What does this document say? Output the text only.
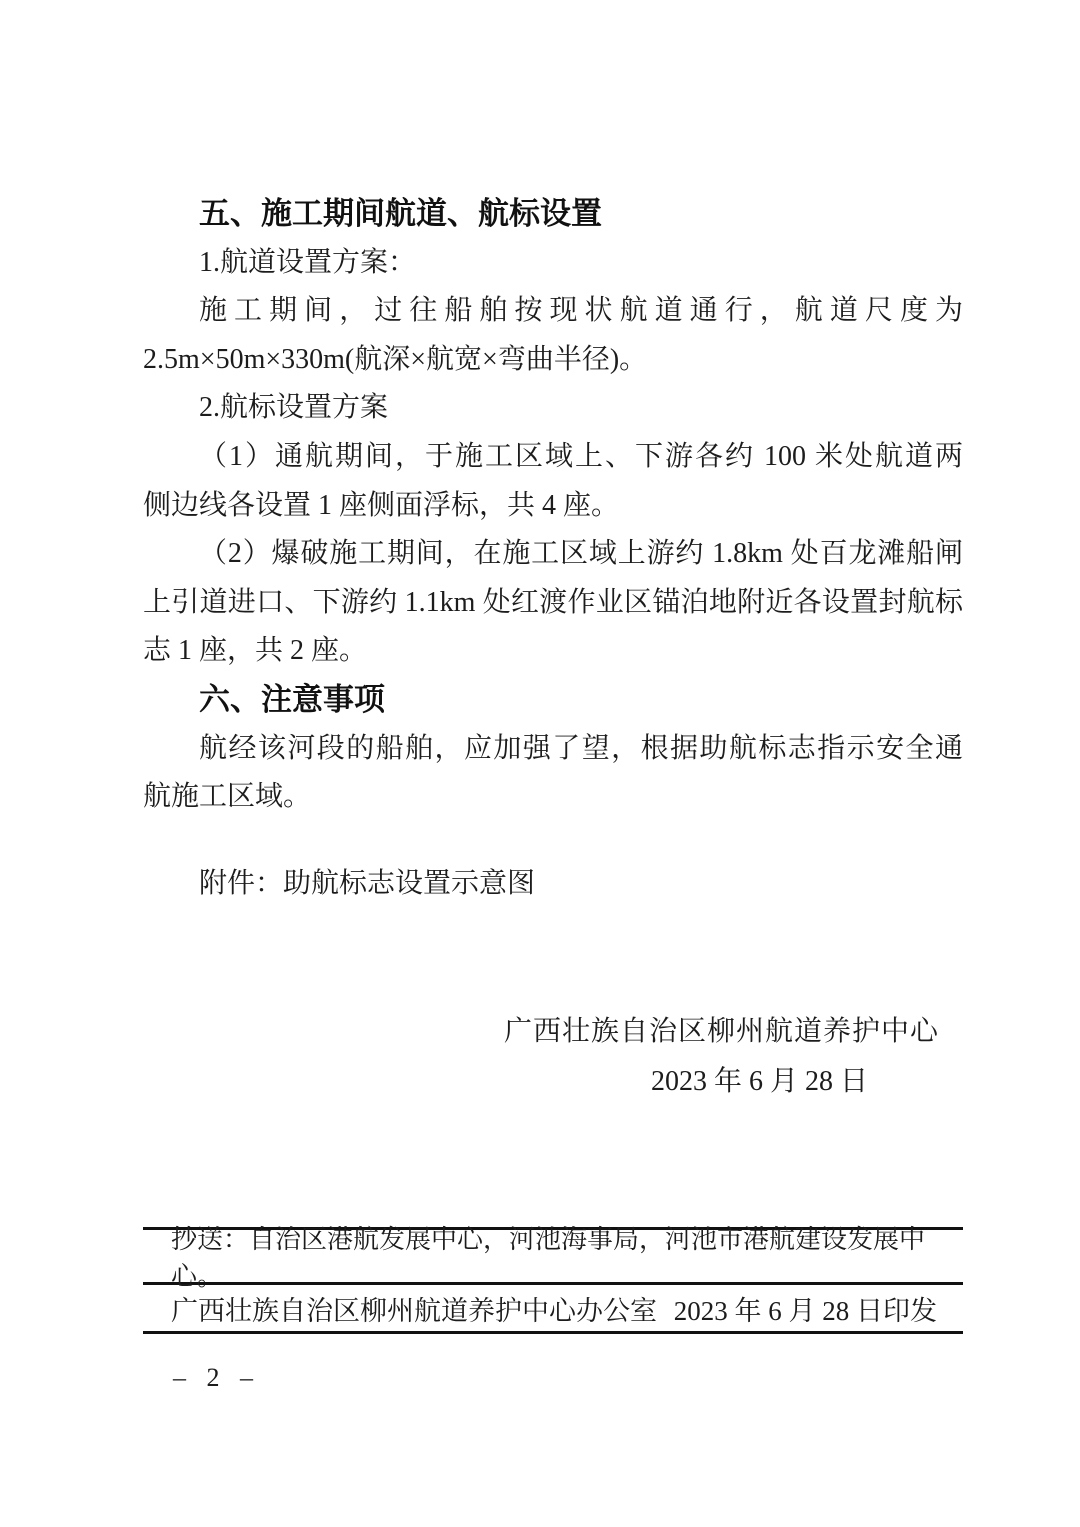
五、施工期间航道、航标设置
1.航道设置方案：
施工期间，过往船舶按现状航道通行，航道尺度为
2.5m×50m×330m(航深×航宽×弯曲半径)。
2.航标设置方案
（1）通航期间，于施工区域上、下游各约 100 米处航道两
侧边线各设置 1 座侧面浮标，共 4 座。
（2）爆破施工期间，在施工区域上游约 1.8km 处百龙滩船闸
上引道进口、下游约 1.1km 处红渡作业区锚泊地附近各设置封航标
志 1 座，共 2 座。
六、注意事项
航经该河段的船舶，应加强了望，根据助航标志指示安全通
航施工区域。
附件：助航标志设置示意图
广西壮族自治区柳州航道养护中心
2023 年 6 月 28 日
抄送：自治区港航发展中心，河池海事局，河池市港航建设发展中心。
广西壮族自治区柳州航道养护中心办公室 2023 年 6 月 28 日印发
– 2 –
